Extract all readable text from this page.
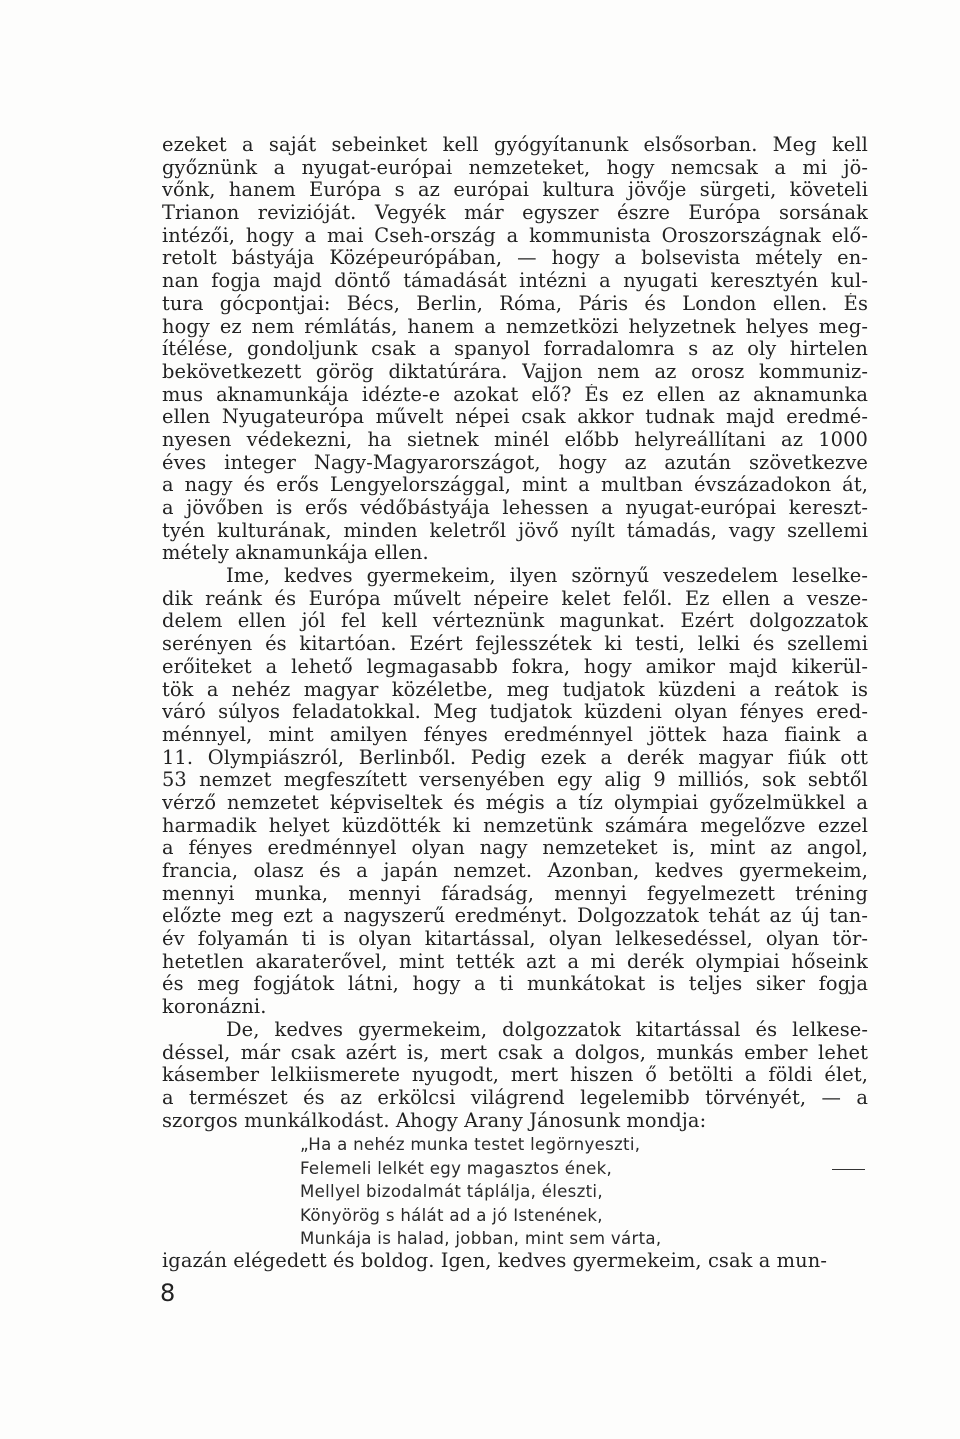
ezeket a saját sebeinket kell gyógyítanunk elsősorban. Meg kell
győznünk a nyugat-európai nemzeteket, hogy nemcsak a mi jö-
vőnk, hanem Európa s az európai kultura jövője sürgeti, követeli
Trianon revizióját. Vegyék már egyszer észre Európa sorsának
intézői, hogy a mai Cseh-ország a kommunista Oroszországnak elő-
retolt bástyája Középeurópában, — hogy a bolsevista métely en-
nan fogja majd döntő támadását intézni a nyugati keresztyén kul-
tura gócpontjai: Bécs, Berlin, Róma, Páris és London ellen. És
hogy ez nem rémlátás, hanem a nemzetközi helyzetnek helyes meg-
ítélése, gondoljunk csak a spanyol forradalomra s az oly hirtelen
bekövetkezett görög diktatúrára. Vajjon nem az orosz kommuniz-
mus aknamunkája idézte-e azokat elő? És ez ellen az aknamunka
ellen Nyugateurópa művelt népei csak akkor tudnak majd eredmé-
nyesen védekezni, ha sietnek minél előbb helyreállítani az 1000
éves integer Nagy-Magyarországot, hogy az azután szövetkezve
a nagy és erős Lengyelországgal, mint a multban évszázadokon át,
a jövőben is erős védőbástyája lehessen a nyugat-európai kereszt-
tyén kulturának, minden keletről jövő nyílt támadás, vagy szellemi
métely aknamunkája ellen.
Ime, kedves gyermekeim, ilyen szörnyű veszedelem leselke-
dik reánk és Európa művelt népeire kelet felől. Ez ellen a vesze-
delem ellen jól fel kell vérteznünk magunkat. Ezért dolgozzatok
serényen és kitartóan. Ezért fejlesszétek ki testi, lelki és szellemi
erőiteket a lehető legmagasabb fokra, hogy amikor majd kikerül-
tök a nehéz magyar közéletbe, meg tudjatok küzdeni a reátok is
váró súlyos feladatokkal. Meg tudjatok küzdeni olyan fényes ered-
ménnyel, mint amilyen fényes eredménnyel jöttek haza fiaink a
11. Olympiászról, Berlinből. Pedig ezek a derék magyar fiúk ott
53 nemzet megfeszített versenyében egy alig 9 milliós, sok sebtől
vérző nemzetet képviseltek és mégis a tíz olympiai győzelmükkel a
harmadik helyet küzdötték ki nemzetünk számára megelőzve ezzel
a fényes eredménnyel olyan nagy nemzeteket is, mint az angol,
francia, olasz és a japán nemzet. Azonban, kedves gyermekeim,
mennyi munka, mennyi fáradság, mennyi fegyelmezett tréning
előzte meg ezt a nagyszerű eredményt. Dolgozzatok tehát az új tan-
év folyamán ti is olyan kitartással, olyan lelkesedéssel, olyan tör-
hetetlen akaraterővel, mint tették azt a mi derék olympiai hőseink
és meg fogjátok látni, hogy a ti munkátokat is teljes siker fogja
koronázni.
De, kedves gyermekeim, dolgozzatok kitartással és lelkese-
déssel, már csak azért is, mert csak a dolgos, munkás ember lehet
kásember lelkiismerete nyugodt, mert hiszen ő betölti a földi élet,
a természet és az erkölcsi világrend legelemibb törvényét, — a
szorgos munkálkodást. Ahogy Arany Jánosunk mondja:
„Ha a nehéz munka testet legörnyeszti,
Felemeli lelkét egy magasztos ének,
Mellyel bizodalmát táplálja, éleszti,
Könyörög s hálát ad a jó Istenének,
Munkája is halad, jobban, mint sem várta,
igazán elégedett és boldog. Igen, kedves gyermekeim, csak a mun-
8
